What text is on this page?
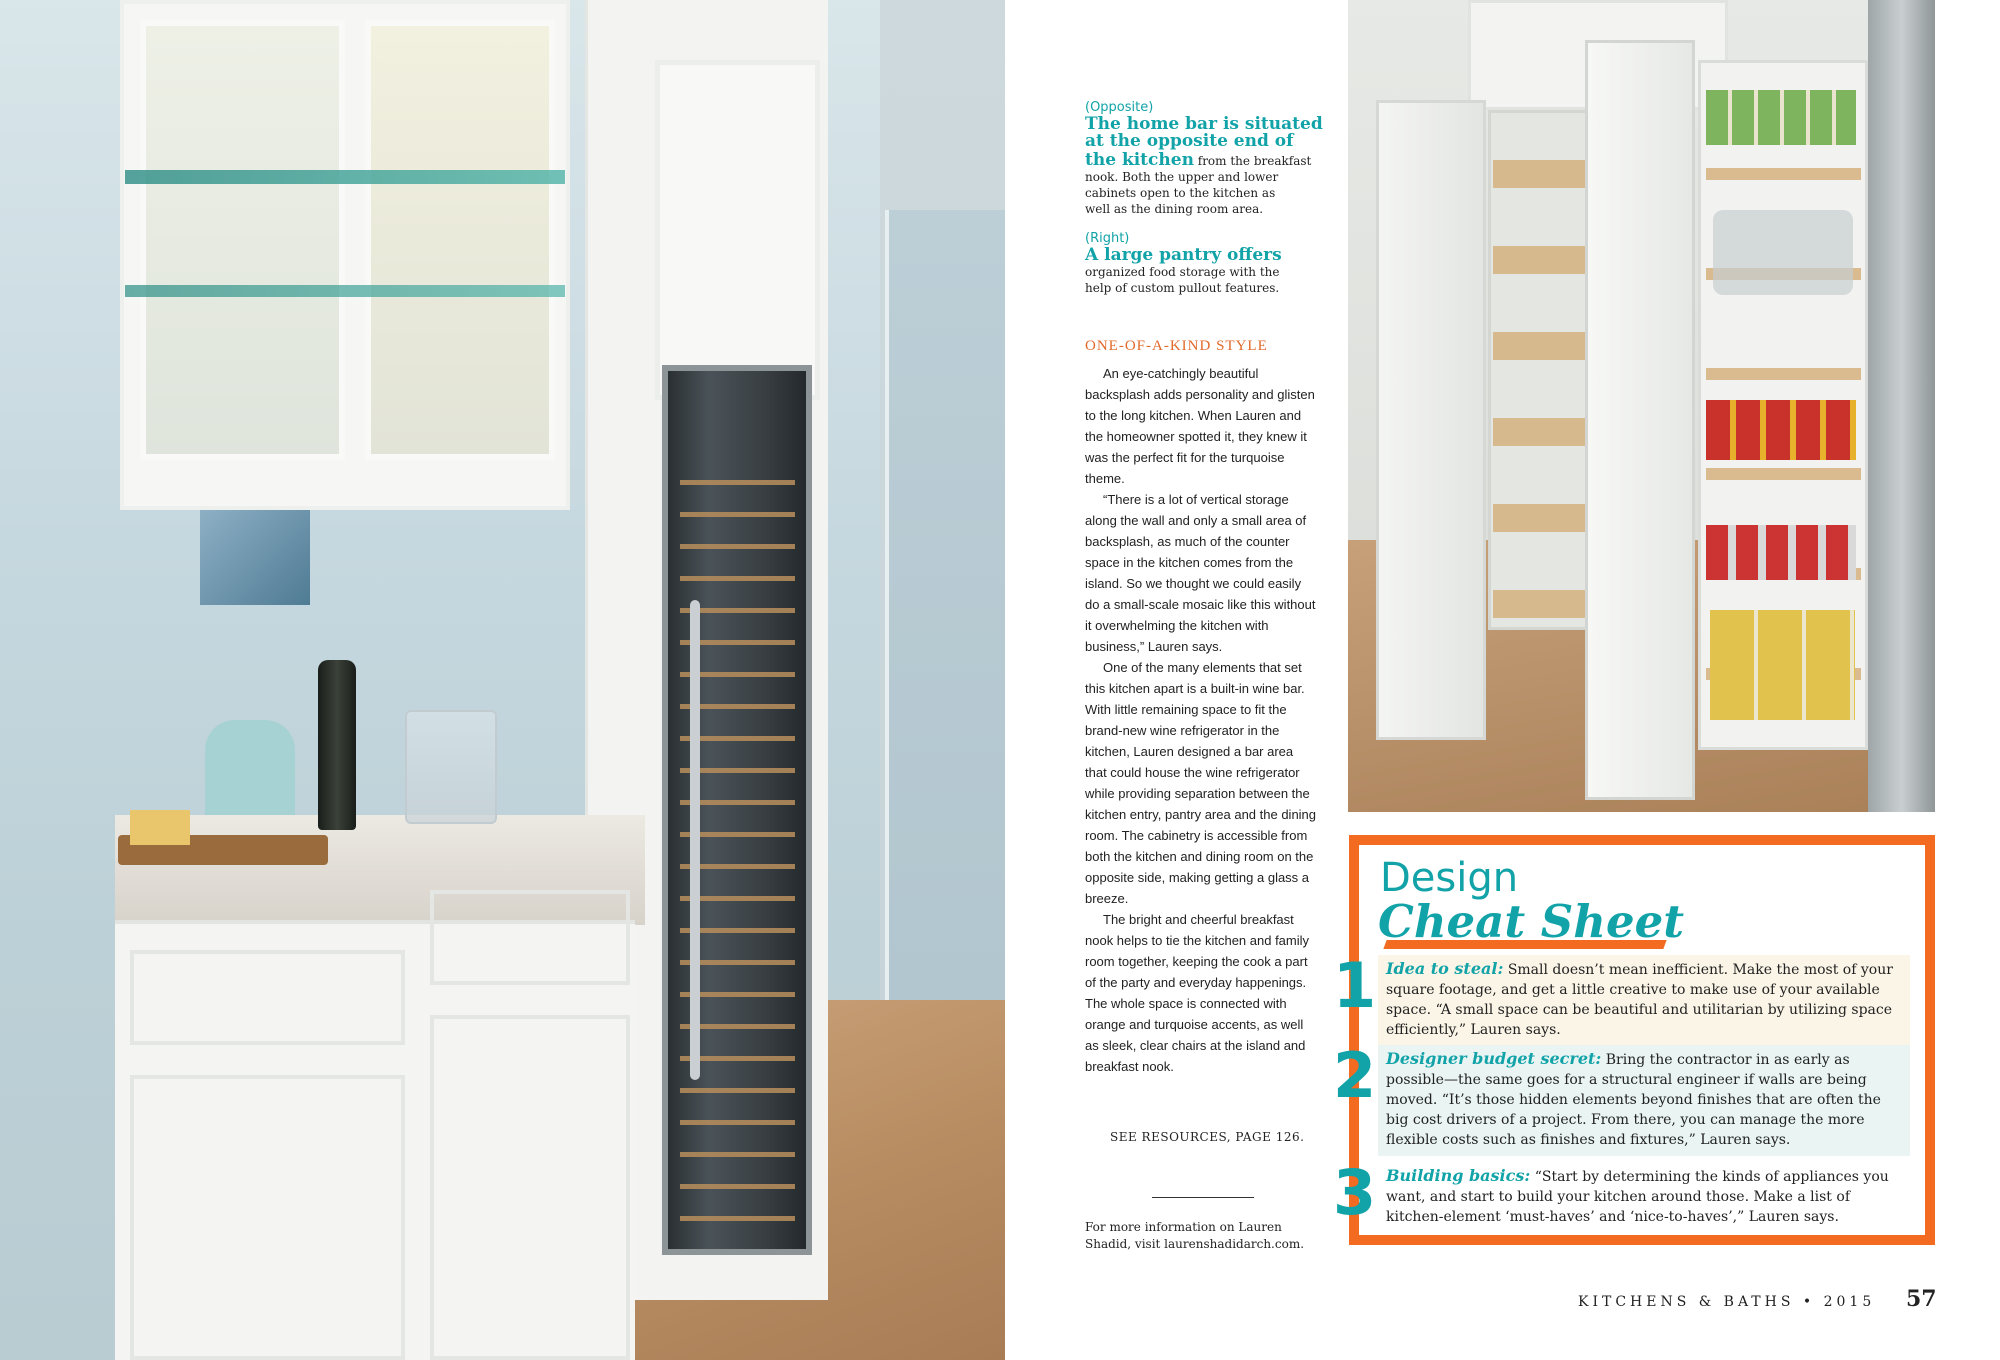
(Opposite)
The home bar is situated
at the opposite end of
the kitchen from the breakfast
nook. Both the upper and lower
cabinets open to the kitchen as
well as the dining room area.
(Right)
A large pantry offers
organized food storage with the
help of custom pullout features.
ONE-OF-A-KIND STYLE

An eye-catchingly beautiful backsplash adds personality and glisten to the long kitchen. When Lauren and the homeowner spotted it, they knew it was the perfect fit for the turquoise theme.

“There is a lot of vertical storage along the wall and only a small area of backsplash, as much of the counter space in the kitchen comes from the island. So we thought we could easily do a small-scale mosaic like this without it overwhelming the kitchen with business,” Lauren says.

One of the many elements that set this kitchen apart is a built-in wine bar. With little remaining space to fit the brand-new wine refrigerator in the kitchen, Lauren designed a bar area that could house the wine refrigerator while providing separation between the kitchen entry, pantry area and the dining room. The cabinetry is accessible from both the kitchen and dining room on the opposite side, making getting a glass a breeze.

The bright and cheerful breakfast nook helps to tie the kitchen and family room together, keeping the cook a part of the party and everyday happenings. The whole space is connected with orange and turquoise accents, as well as sleek, clear chairs at the island and breakfast nook.

SEE RESOURCES, PAGE 126.
For more information on Lauren
Shadid, visit laurenshadidarch.com.
Design
Cheat Sheet
1 Idea to steal: Small doesn’t mean inefficient. Make the most of your square footage, and get a little creative to make use of your available space. “A small space can be beautiful and utilitarian by utilizing space efficiently,” Lauren says.
2 Designer budget secret: Bring the contractor in as early as possible—the same goes for a structural engineer if walls are being moved. “It’s those hidden elements beyond finishes that are often the big cost drivers of a project. From there, you can manage the more flexible costs such as finishes and fixtures,” Lauren says.
3 Building basics: “Start by determining the kinds of appliances you want, and start to build your kitchen around those. Make a list of kitchen-element ‘must-haves’ and ‘nice-to-haves’,” Lauren says.
KITCHENS & BATHS • 2015 57
